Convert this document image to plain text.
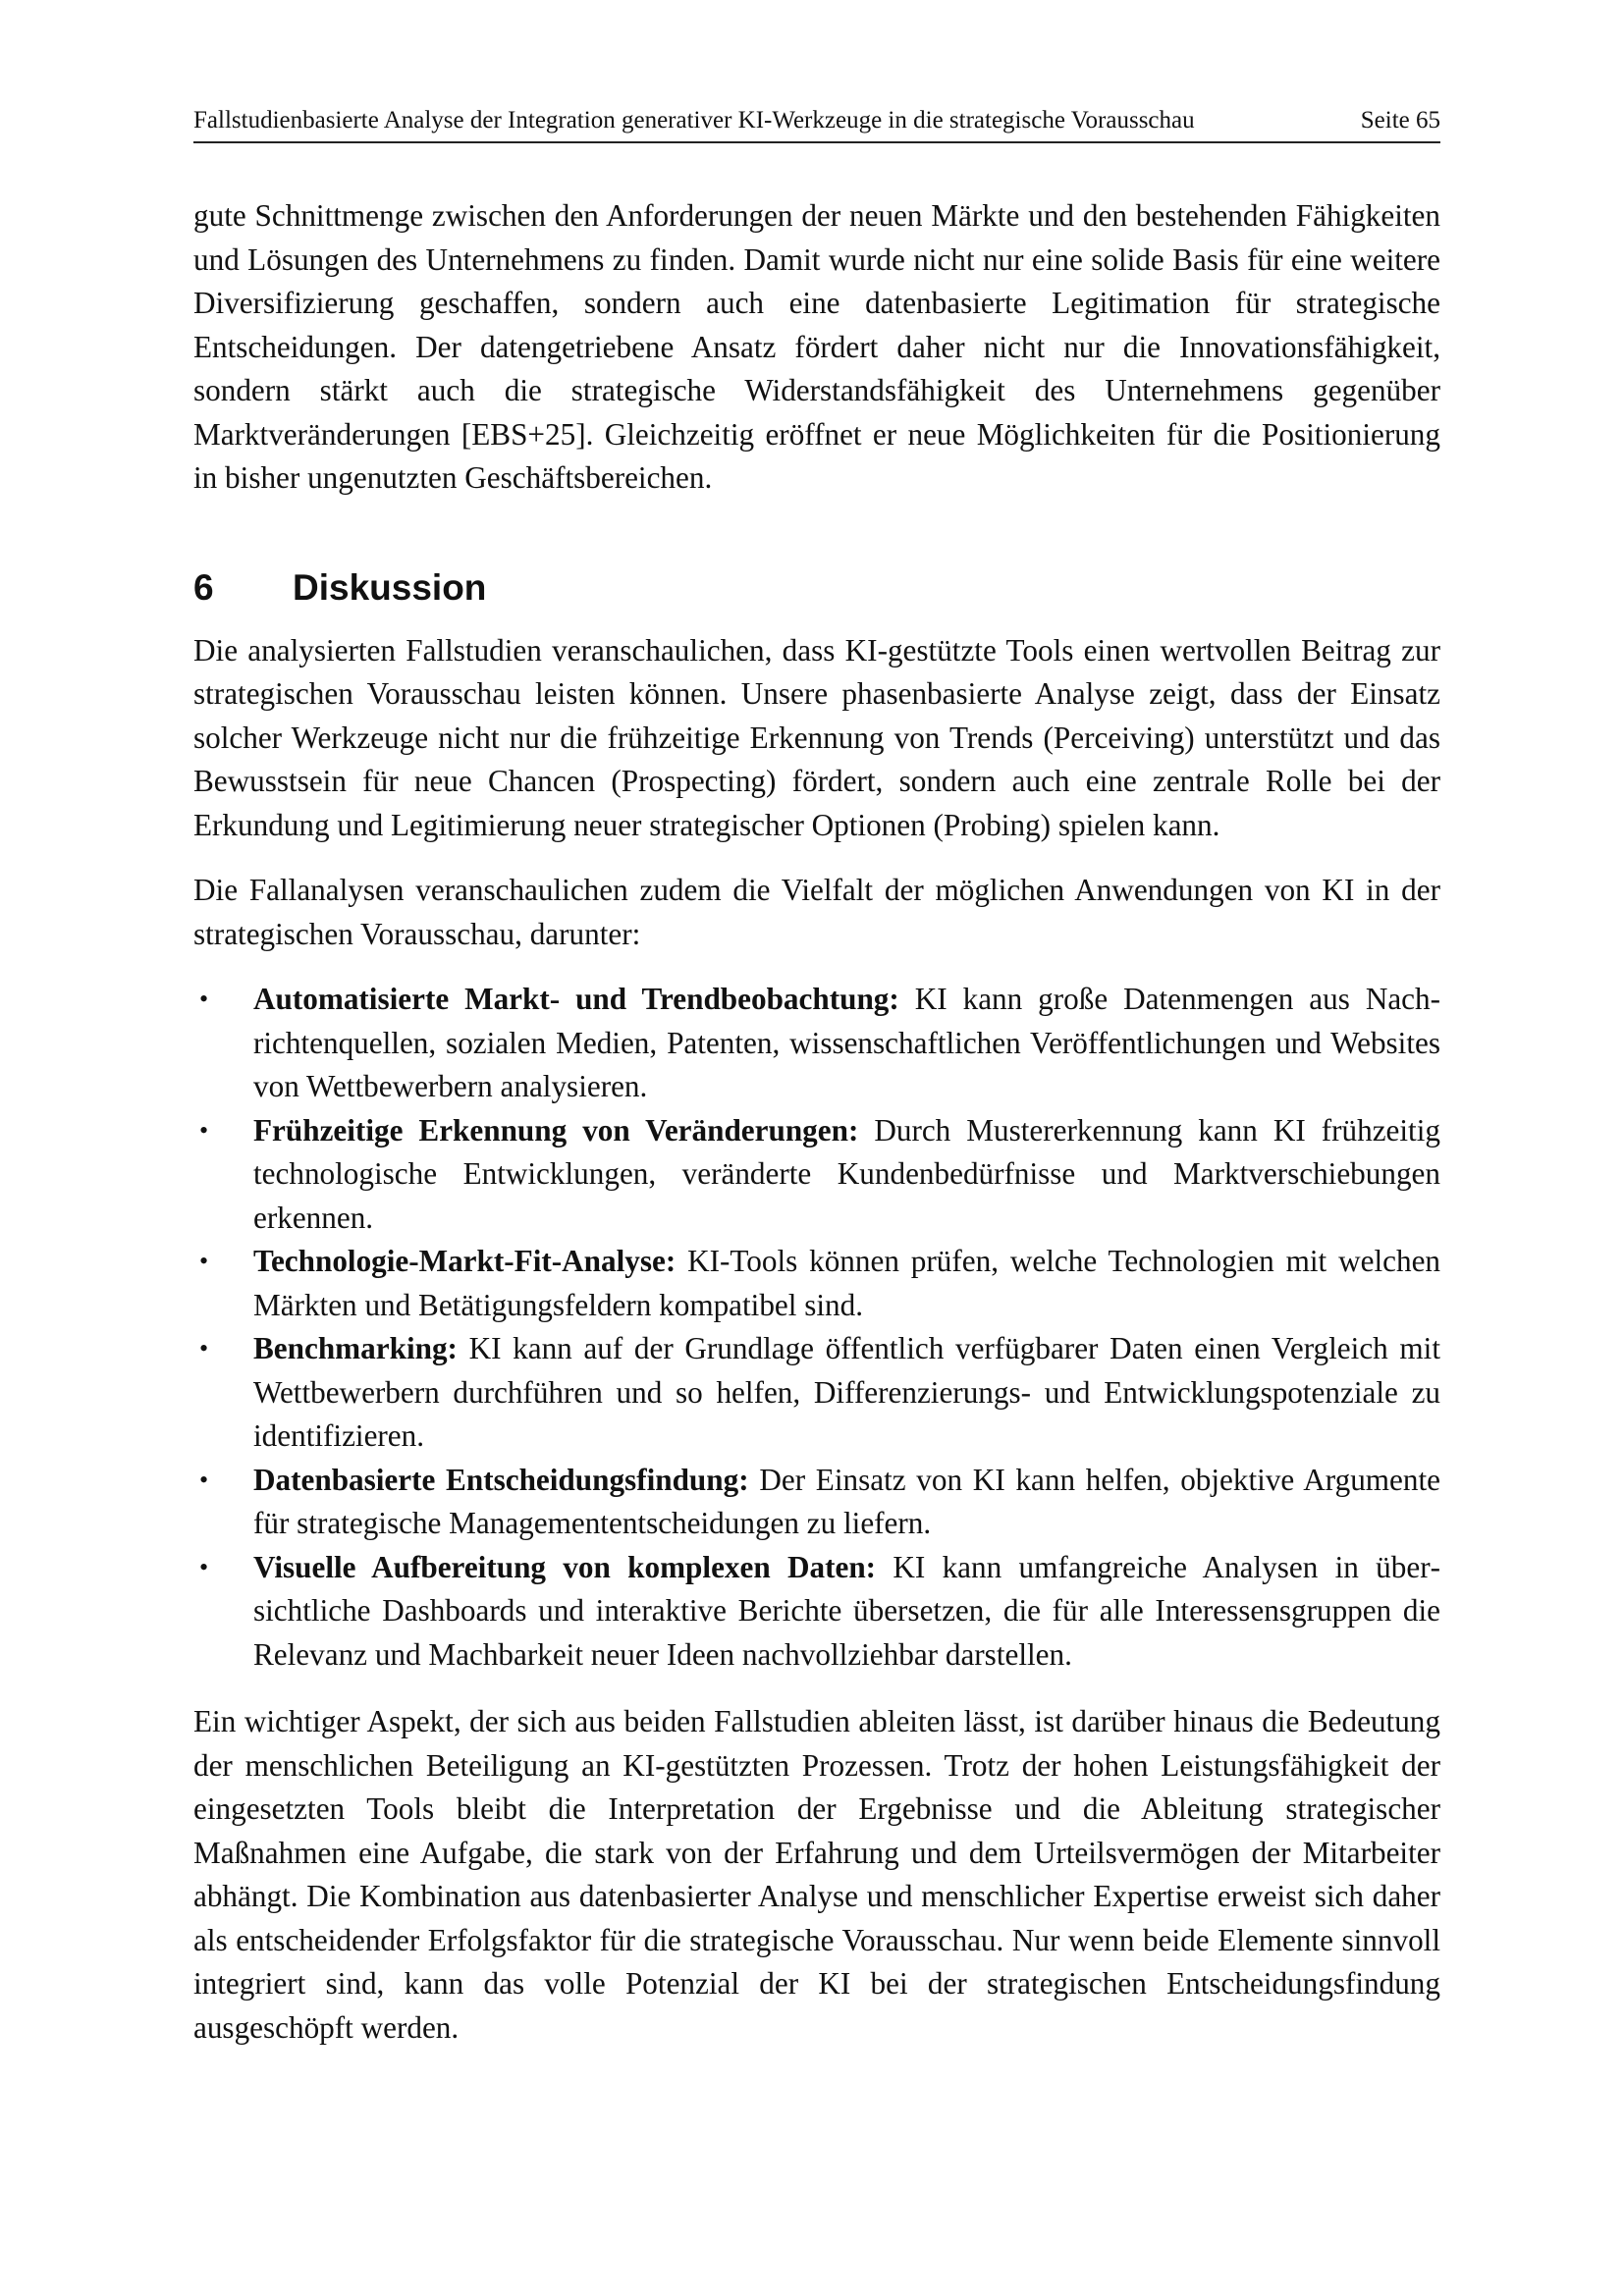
Fallstudienbasierte Analyse der Integration generativer KI-Werkzeuge in die strategische Vorausschau	Seite 65

gute Schnittmenge zwischen den Anforderungen der neuen Märkte und den bestehenden Fähigkeiten und Lösungen des Unternehmens zu finden. Damit wurde nicht nur eine solide Basis für eine weitere Diversifizierung geschaffen, sondern auch eine datenbasierte Legitimation für strategische Entscheidungen. Der datengetriebene Ansatz fördert daher nicht nur die Innovationsfähigkeit, sondern stärkt auch die strategische Widerstandsfähigkeit des Unternehmens gegenüber Marktveränderungen [EBS+25]. Gleichzeitig eröffnet er neue Möglichkeiten für die Positionierung in bisher ungenutzten Geschäftsbereichen.

6	Diskussion

Die analysierten Fallstudien veranschaulichen, dass KI-gestützte Tools einen wertvollen Beitrag zur strategischen Vorausschau leisten können. Unsere phasenbasierte Analyse zeigt, dass der Einsatz solcher Werkzeuge nicht nur die frühzeitige Erkennung von Trends (Perceiving) unterstützt und das Bewusstsein für neue Chancen (Prospecting) fördert, sondern auch eine zentrale Rolle bei der Erkundung und Legitimierung neuer strategischer Optionen (Probing) spielen kann.

Die Fallanalysen veranschaulichen zudem die Vielfalt der möglichen Anwendungen von KI in der strategischen Vorausschau, darunter:

• Automatisierte Markt- und Trendbeobachtung: KI kann große Datenmengen aus Nachrichtenquellen, sozialen Medien, Patenten, wissenschaftlichen Veröffentlichungen und Websites von Wettbewerbern analysieren.
• Frühzeitige Erkennung von Veränderungen: Durch Mustererkennung kann KI frühzeitig technologische Entwicklungen, veränderte Kundenbedürfnisse und Marktverschiebungen erkennen.
• Technologie-Markt-Fit-Analyse: KI-Tools können prüfen, welche Technologien mit welchen Märkten und Betätigungsfeldern kompatibel sind.
• Benchmarking: KI kann auf der Grundlage öffentlich verfügbarer Daten einen Vergleich mit Wettbewerbern durchführen und so helfen, Differenzierungs- und Entwicklungspotenziale zu identifizieren.
• Datenbasierte Entscheidungsfindung: Der Einsatz von KI kann helfen, objektive Argumente für strategische Managemententscheidungen zu liefern.
• Visuelle Aufbereitung von komplexen Daten: KI kann umfangreiche Analysen in übersichtliche Dashboards und interaktive Berichte übersetzen, die für alle Interessensgruppen die Relevanz und Machbarkeit neuer Ideen nachvollziehbar darstellen.

Ein wichtiger Aspekt, der sich aus beiden Fallstudien ableiten lässt, ist darüber hinaus die Bedeutung der menschlichen Beteiligung an KI-gestützten Prozessen. Trotz der hohen Leistungsfähigkeit der eingesetzten Tools bleibt die Interpretation der Ergebnisse und die Ableitung strategischer Maßnahmen eine Aufgabe, die stark von der Erfahrung und dem Urteilsvermögen der Mitarbeiter abhängt. Die Kombination aus datenbasierter Analyse und menschlicher Expertise erweist sich daher als entscheidender Erfolgsfaktor für die strategische Vorausschau. Nur wenn beide Elemente sinnvoll integriert sind, kann das volle Potenzial der KI bei der strategischen Entscheidungsfindung ausgeschöpft werden.
